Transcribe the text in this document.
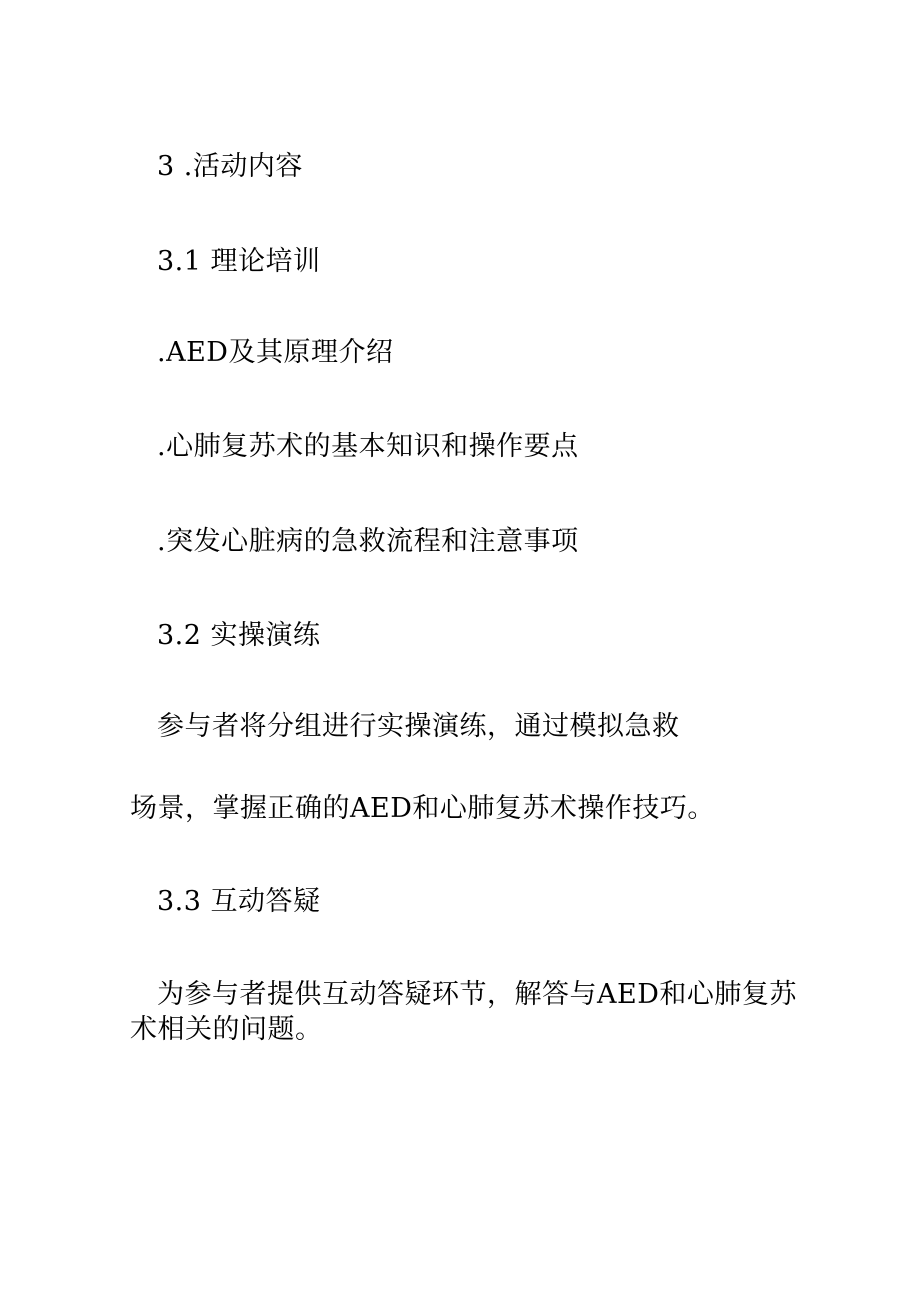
3 .活动内容
3.1 理论培训
.AED及其原理介绍
.心肺复苏术的基本知识和操作要点
.突发心脏病的急救流程和注意事项
3.2 实操演练
参与者将分组进行实操演练，通过模拟急救
场景，掌握正确的AED和心肺复苏术操作技巧。
3.3 互动答疑
为参与者提供互动答疑环节，解答与AED和心肺复苏
术相关的问题。
